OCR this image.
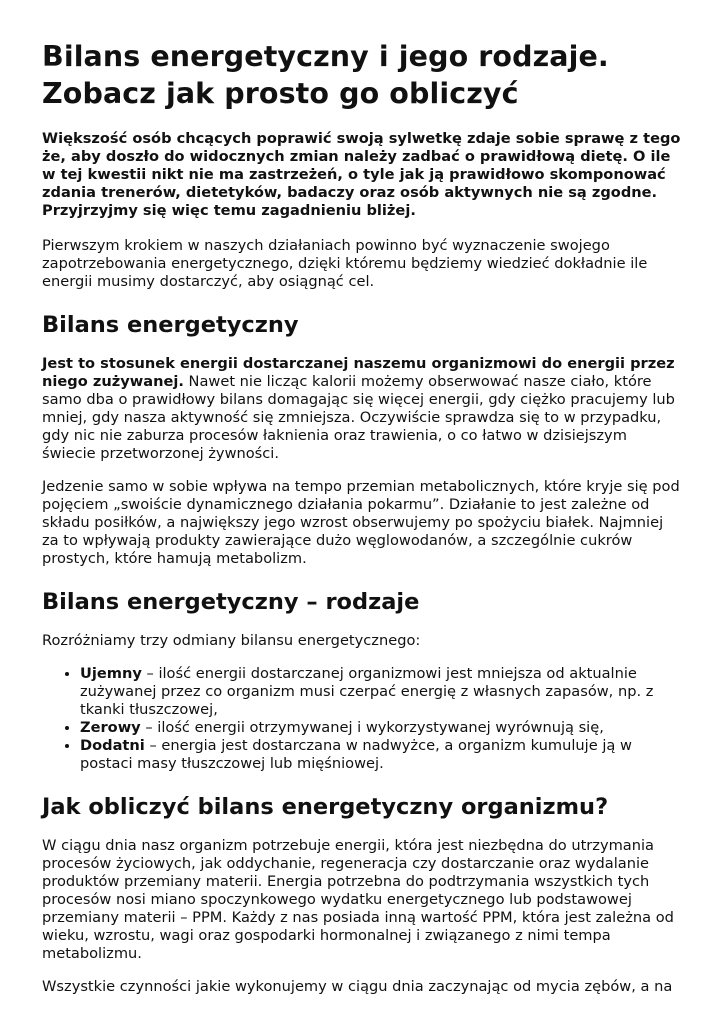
Bilans energetyczny i jego rodzaje. Zobacz jak prosto go obliczyć

Większość osób chcących poprawić swoją sylwetkę zdaje sobie sprawę z tego że, aby doszło do widocznych zmian należy zadbać o prawidłową dietę. O ile w tej kwestii nikt nie ma zastrzeżeń, o tyle jak ją prawidłowo skomponować zdania trenerów, dietetyków, badaczy oraz osób aktywnych nie są zgodne. Przyjrzyjmy się więc temu zagadnieniu bliżej.

Pierwszym krokiem w naszych działaniach powinno być wyznaczenie swojego zapotrzebowania energetycznego, dzięki któremu będziemy wiedzieć dokładnie ile energii musimy dostarczyć, aby osiągnąć cel.

Bilans energetyczny

Jest to stosunek energii dostarczanej naszemu organizmowi do energii przez niego zużywanej. Nawet nie licząc kalorii możemy obserwować nasze ciało, które samo dba o prawidłowy bilans domagając się więcej energii, gdy ciężko pracujemy lub mniej, gdy nasza aktywność się zmniejsza. Oczywiście sprawdza się to w przypadku, gdy nic nie zaburza procesów łaknienia oraz trawienia, o co łatwo w dzisiejszym świecie przetworzonej żywności.

Jedzenie samo w sobie wpływa na tempo przemian metabolicznych, które kryje się pod pojęciem „swoiście dynamicznego działania pokarmu”. Działanie to jest zależne od składu posiłków, a największy jego wzrost obserwujemy po spożyciu białek. Najmniej za to wpływają produkty zawierające dużo węglowodanów, a szczególnie cukrów prostych, które hamują metabolizm.

Bilans energetyczny – rodzaje

Rozróżniamy trzy odmiany bilansu energetycznego:

• Ujemny – ilość energii dostarczanej organizmowi jest mniejsza od aktualnie zużywanej przez co organizm musi czerpać energię z własnych zapasów, np. z tkanki tłuszczowej,
• Zerowy – ilość energii otrzymywanej i wykorzystywanej wyrównują się,
• Dodatni – energia jest dostarczana w nadwyżce, a organizm kumuluje ją w postaci masy tłuszczowej lub mięśniowej.
Jak obliczyć bilans energetyczny organizmu?

W ciągu dnia nasz organizm potrzebuje energii, która jest niezbędna do utrzymania procesów życiowych, jak oddychanie, regeneracja czy dostarczanie oraz wydalanie produktów przemiany materii. Energia potrzebna do podtrzymania wszystkich tych procesów nosi miano spoczynkowego wydatku energetycznego lub podstawowej przemiany materii – PPM. Każdy z nas posiada inną wartość PPM, która jest zależna od wieku, wzrostu, wagi oraz gospodarki hormonalnej i związanego z nimi tempa metabolizmu.

Wszystkie czynności jakie wykonujemy w ciągu dnia zaczynając od mycia zębów, a na
